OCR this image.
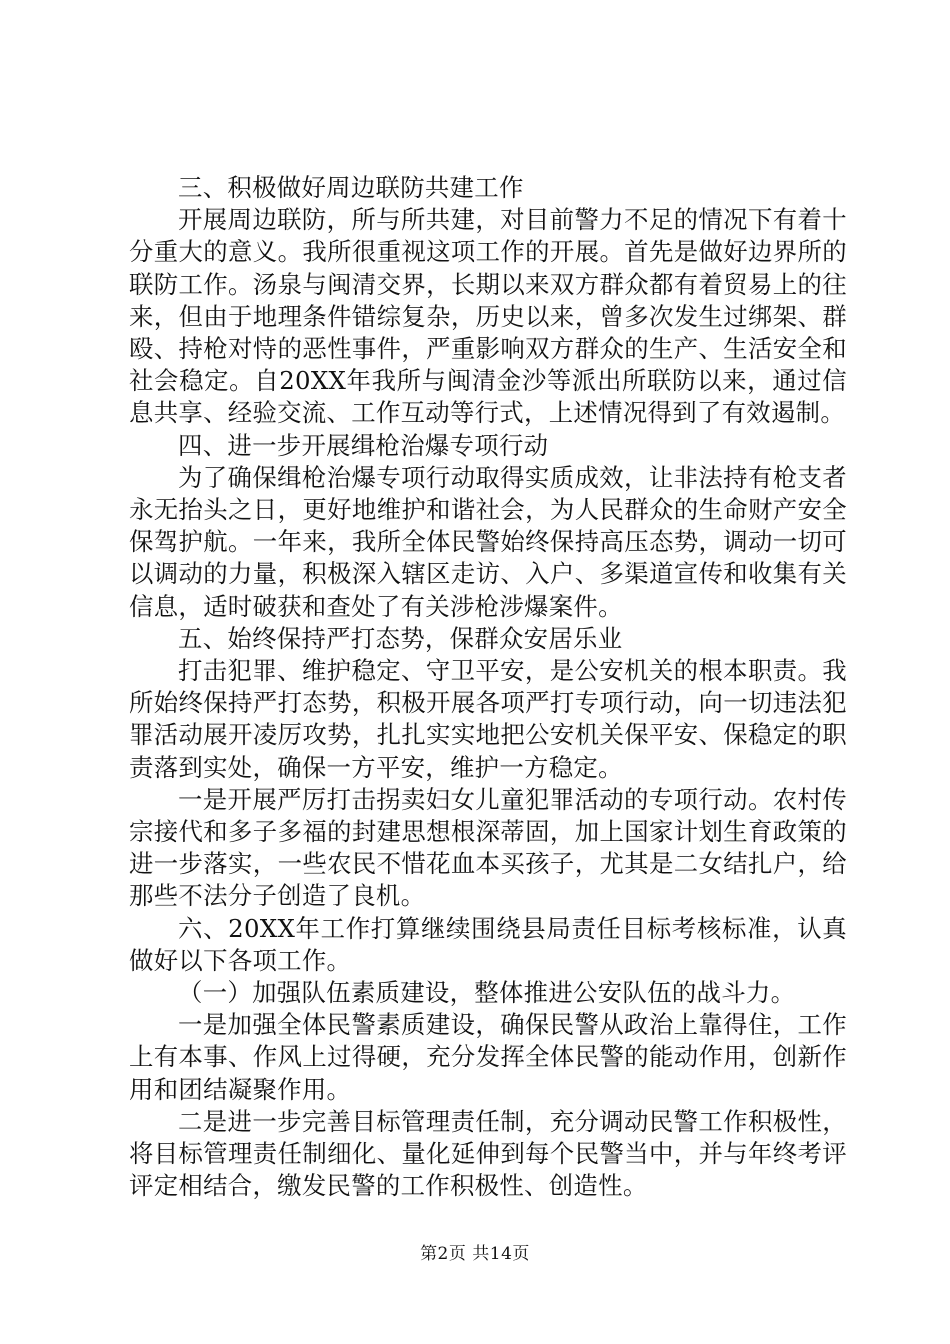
三、积极做好周边联防共建工作

开展周边联防，所与所共建，对目前警力不足的情况下有着十分重大的意义。我所很重视这项工作的开展。首先是做好边界所的联防工作。汤泉与闽清交界，长期以来双方群众都有着贸易上的往来，但由于地理条件错综复杂，历史以来，曾多次发生过绑架、群殴、持枪对恃的恶性事件，严重影响双方群众的生产、生活安全和社会稳定。自20XX年我所与闽清金沙等派出所联防以来，通过信息共享、经验交流、工作互动等行式，上述情况得到了有效遏制。

四、进一步开展缉枪治爆专项行动

为了确保缉枪治爆专项行动取得实质成效，让非法持有枪支者永无抬头之日，更好地维护和谐社会，为人民群众的生命财产安全保驾护航。一年来，我所全体民警始终保持高压态势，调动一切可以调动的力量，积极深入辖区走访、入户、多渠道宣传和收集有关信息，适时破获和查处了有关涉枪涉爆案件。

五、始终保持严打态势，保群众安居乐业

打击犯罪、维护稳定、守卫平安，是公安机关的根本职责。我所始终保持严打态势，积极开展各项严打专项行动，向一切违法犯罪活动展开凌厉攻势，扎扎实实地把公安机关保平安、保稳定的职责落到实处，确保一方平安，维护一方稳定。

一是开展严厉打击拐卖妇女儿童犯罪活动的专项行动。农村传宗接代和多子多福的封建思想根深蒂固，加上国家计划生育政策的进一步落实，一些农民不惜花血本买孩子，尤其是二女结扎户，给那些不法分子创造了良机。

六、20XX年工作打算继续围绕县局责任目标考核标准，认真做好以下各项工作。

（一）加强队伍素质建设，整体推进公安队伍的战斗力。

一是加强全体民警素质建设，确保民警从政治上靠得住，工作上有本事、作风上过得硬，充分发挥全体民警的能动作用，创新作用和团结凝聚作用。

二是进一步完善目标管理责任制，充分调动民警工作积极性，将目标管理责任制细化、量化延伸到每个民警当中，并与年终考评评定相结合，缴发民警的工作积极性、创造性。

第2页 共14页
